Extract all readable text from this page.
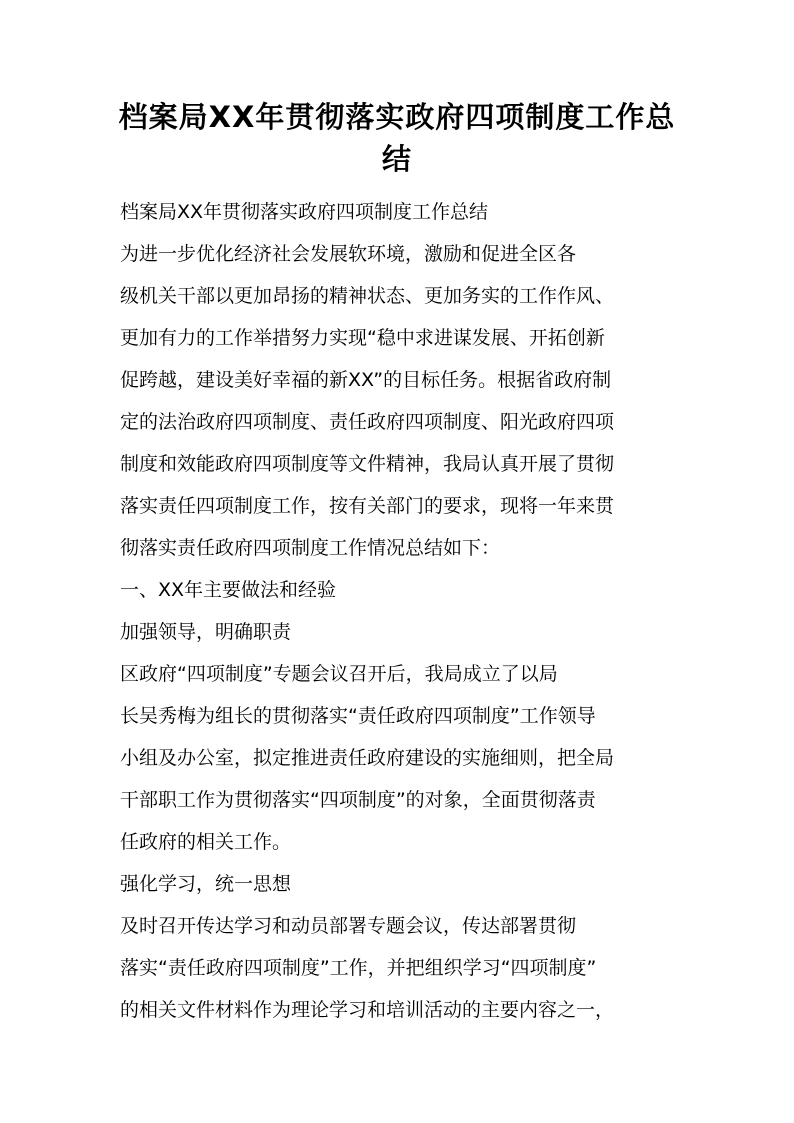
档案局XX年贯彻落实政府四项制度工作总
结
档案局XX年贯彻落实政府四项制度工作总结
为进一步优化经济社会发展软环境，激励和促进全区各
级机关干部以更加昂扬的精神状态、更加务实的工作作风、
更加有力的工作举措努力实现“稳中求进谋发展、开拓创新
促跨越，建设美好幸福的新XX”的目标任务。根据省政府制
定的法治政府四项制度、责任政府四项制度、阳光政府四项
制度和效能政府四项制度等文件精神，我局认真开展了贯彻
落实责任四项制度工作，按有关部门的要求，现将一年来贯
彻落实责任政府四项制度工作情况总结如下：
一、XX年主要做法和经验
加强领导，明确职责
区政府“四项制度”专题会议召开后，我局成立了以局
长吴秀梅为组长的贯彻落实“责任政府四项制度”工作领导
小组及办公室，拟定推进责任政府建设的实施细则，把全局
干部职工作为贯彻落实“四项制度”的对象，全面贯彻落责
任政府的相关工作。
强化学习，统一思想
及时召开传达学习和动员部署专题会议，传达部署贯彻
落实“责任政府四项制度”工作，并把组织学习“四项制度”
的相关文件材料作为理论学习和培训活动的主要内容之一，
